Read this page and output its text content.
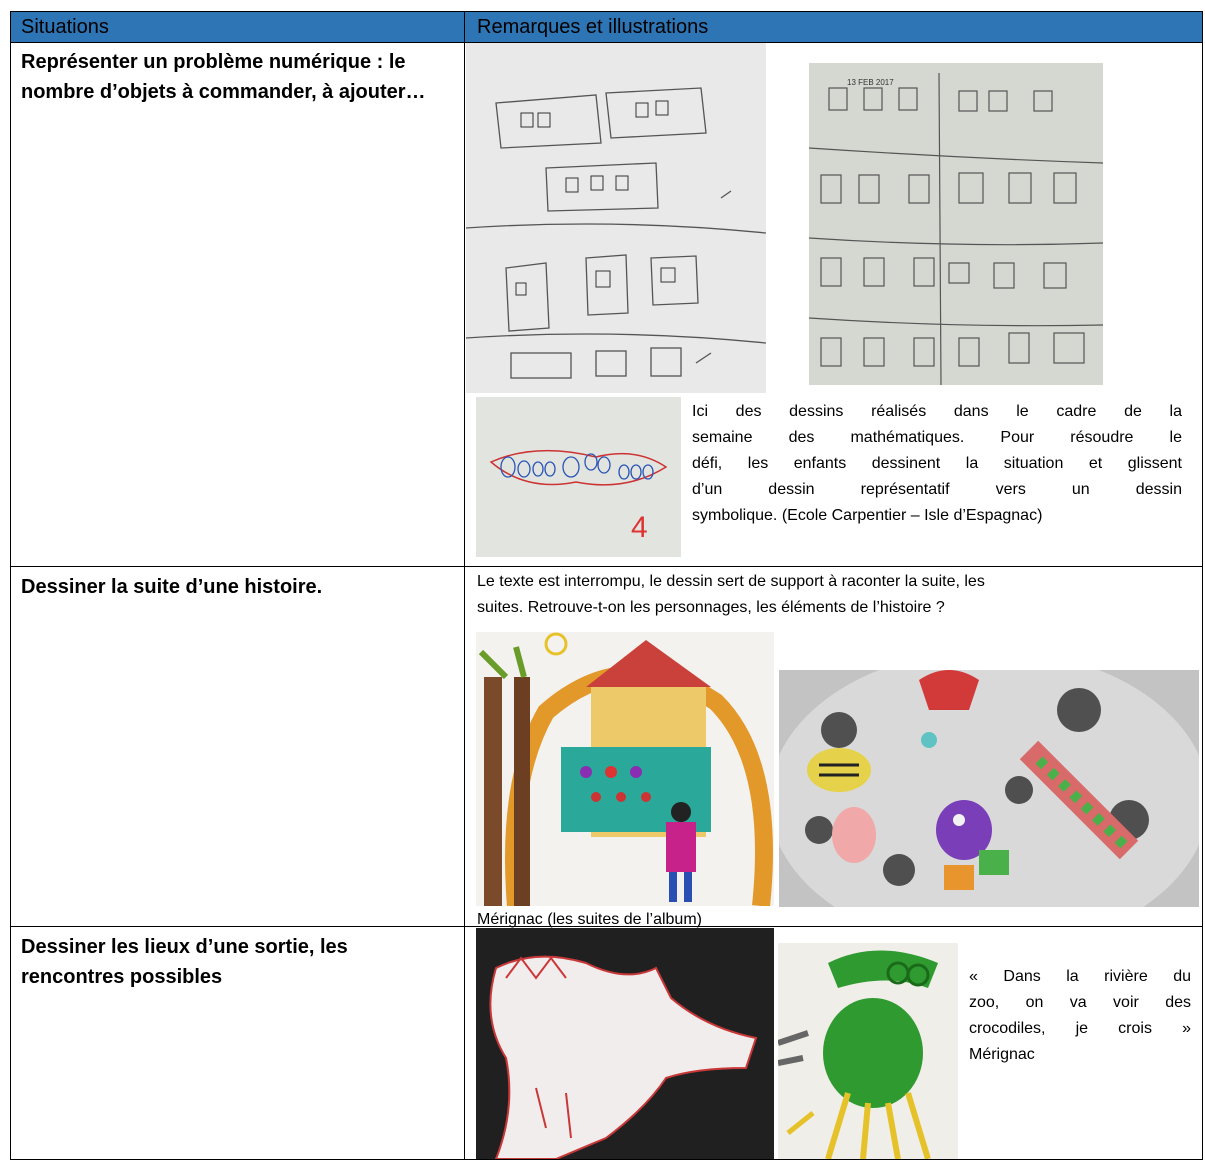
Situations	Remarques et illustrations
Représenter un problème numérique : le nombre d’objets à commander, à ajouter…	13 FEB 2017
4
Ici des dessins réalisés dans le cadre de la
semaine des mathématiques. Pour résoudre le
défi, les enfants dessinent la situation et glissent
d’un dessin représentatif vers un dessin
symbolique. (Ecole Carpentier – Isle d’Espagnac)
Dessiner la suite d’une histoire.	Le texte est interrompu, le dessin sert de support à raconter la suite, les
suites. Retrouve-t-on les personnages, les éléments de l’histoire ?
Mérignac (les suites de l’album)
Dessiner les lieux d’une sortie, les rencontres possibles	« Dans la rivière du
zoo, on va voir des
crocodiles, je crois »
Mérignac
